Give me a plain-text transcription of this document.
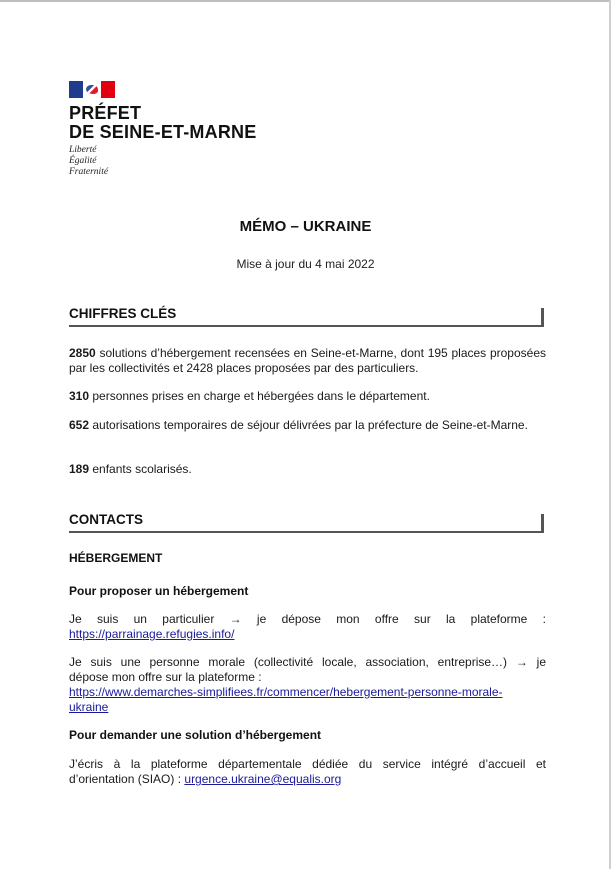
PRÉFET
DE SEINE-ET-MARNE
Liberté
Égalité
Fraternité
MÉMO – UKRAINE
Mise à jour du 4 mai 2022
CHIFFRES CLÉS
2850 solutions d’hébergement recensées en Seine-et-Marne, dont 195 places proposées par les collectivités et 2428 places proposées par des particuliers.
310 personnes prises en charge et hébergées dans le département.
652 autorisations temporaires de séjour délivrées par la préfecture de Seine-et-Marne.
189 enfants scolarisés.
CONTACTS
HÉBERGEMENT
Pour proposer un hébergement
Je suis un particulier → je dépose mon offre sur la plateforme :
https://parrainage.refugies.info/
Je suis une personne morale (collectivité locale, association, entreprise…) → je
dépose mon offre sur la plateforme :
https://www.demarches-simplifiees.fr/commencer/hebergement-personne-morale-
ukraine
Pour demander une solution d’hébergement
J’écris à la plateforme départementale dédiée du service intégré d’accueil et
d’orientation (SIAO) : urgence.ukraine@equalis.org
